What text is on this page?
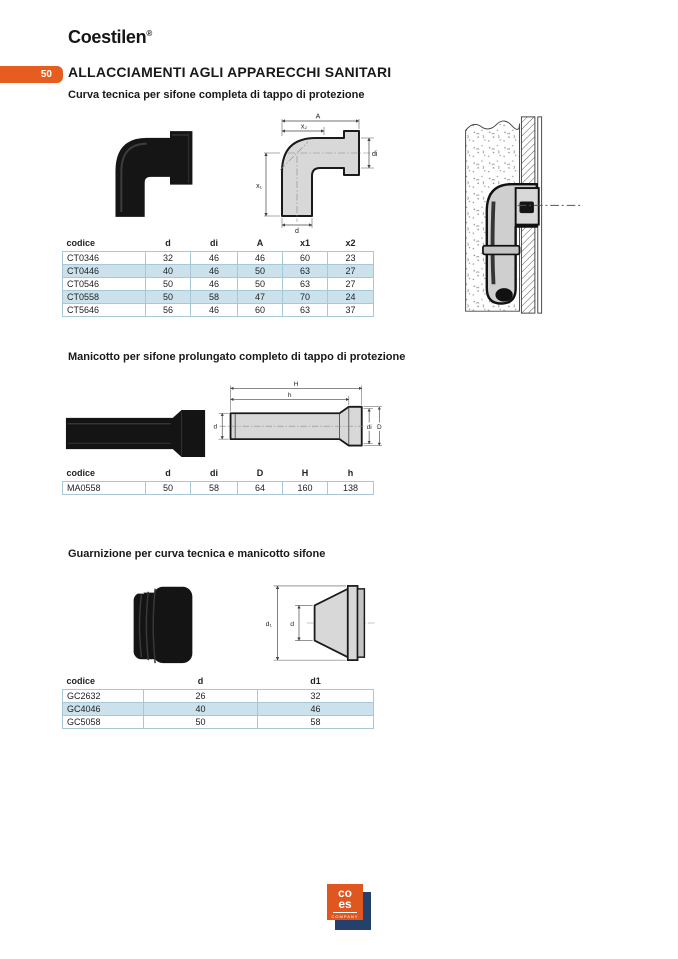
Coestilen®
50	ALLACCIAMENTI AGLI APPARECCHI SANITARI
Curva tecnica per sifone completa di tappo di protezione
A
x₂
x₁
di
d
codice	d	di	A	x1	x2
CT0346	32	46	46	60	23
CT0446	40	46	50	63	27
CT0546	50	46	50	63	27
CT0558	50	58	47	70	24
CT5646	56	46	60	63	37
Manicotto per sifone prolungato completo di tappo di protezione
H
h
d	di D
codice	d	di	D	H	h
MA0558	50	58	64	160	138
Guarnizione per curva tecnica e manicotto sifone
d₁	d
codice	d	d1
GC2632	26	32
GC4046	40	46
GC5058	50	58
co
es
COMPANY
